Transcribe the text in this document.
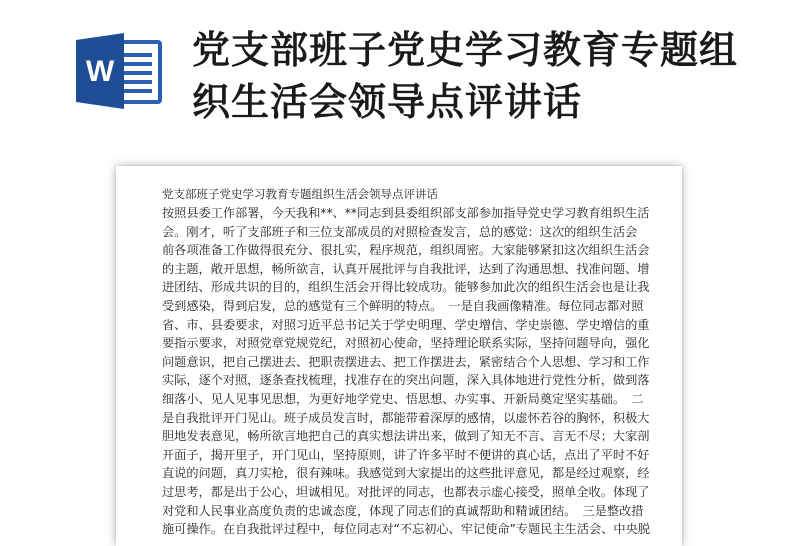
W 党支部班子党史学习教育专题组
织生活会领导点评讲话

党支部班子党史学习教育专题组织生活会领导点评讲话

按照县委工作部署，今天我和**、**同志到县委组织部支部参加指导党史学习教育组织生活
会。刚才，听了支部班子和三位支部成员的对照检查发言，总的感觉：这次的组织生活会
前各项准备工作做得很充分、很扎实，程序规范，组织周密。大家能够紧扣这次组织生活会
的主题，敞开思想，畅所欲言，认真开展批评与自我批评，达到了沟通思想、找准问题、增
进团结、形成共识的目的，组织生活会开得比较成功。能够参加此次的组织生活会也是让我
受到感染，得到启发，总的感觉有三个鲜明的特点。　一是自我画像精准。每位同志都对照
省、市、县委要求，对照习近平总书记关于学史明理、学史增信、学史崇德、学史增信的重
要指示要求，对照党章党规党纪，对照初心使命，坚持理论联系实际，坚持问题导向，强化
问题意识，把自己摆进去、把职责摆进去、把工作摆进去，紧密结合个人思想、学习和工作
实际，逐个对照，逐条查找梳理，找准存在的突出问题，深入具体地进行党性分析，做到落
细落小、见人见事见思想，为更好地学党史、悟思想、办实事、开新局奠定坚实基础。　二
是自我批评开门见山。班子成员发言时，都能带着深厚的感情，以虚怀若谷的胸怀，积极大
胆地发表意见，畅所欲言地把自己的真实想法讲出来，做到了知无不言、言无不尽；大家剖
开面子，揭开里子，开门见山，坚持原则，讲了许多平时不便讲的真心话，点出了平时不好
直说的问题，真刀实枪，很有辣味。我感觉到大家提出的这些批评意见，都是经过观察，经
过思考，都是出于公心，坦诚相见。对批评的同志，也都表示虚心接受，照单全收。体现了
对党和人民事业高度负责的忠诚态度，体现了同志们的真诚帮助和精诚团结。　三是整改措
施可操作。在自我批评过程中，每位同志对“不忘初心、牢记使命”专题民主生活会、中央脱
